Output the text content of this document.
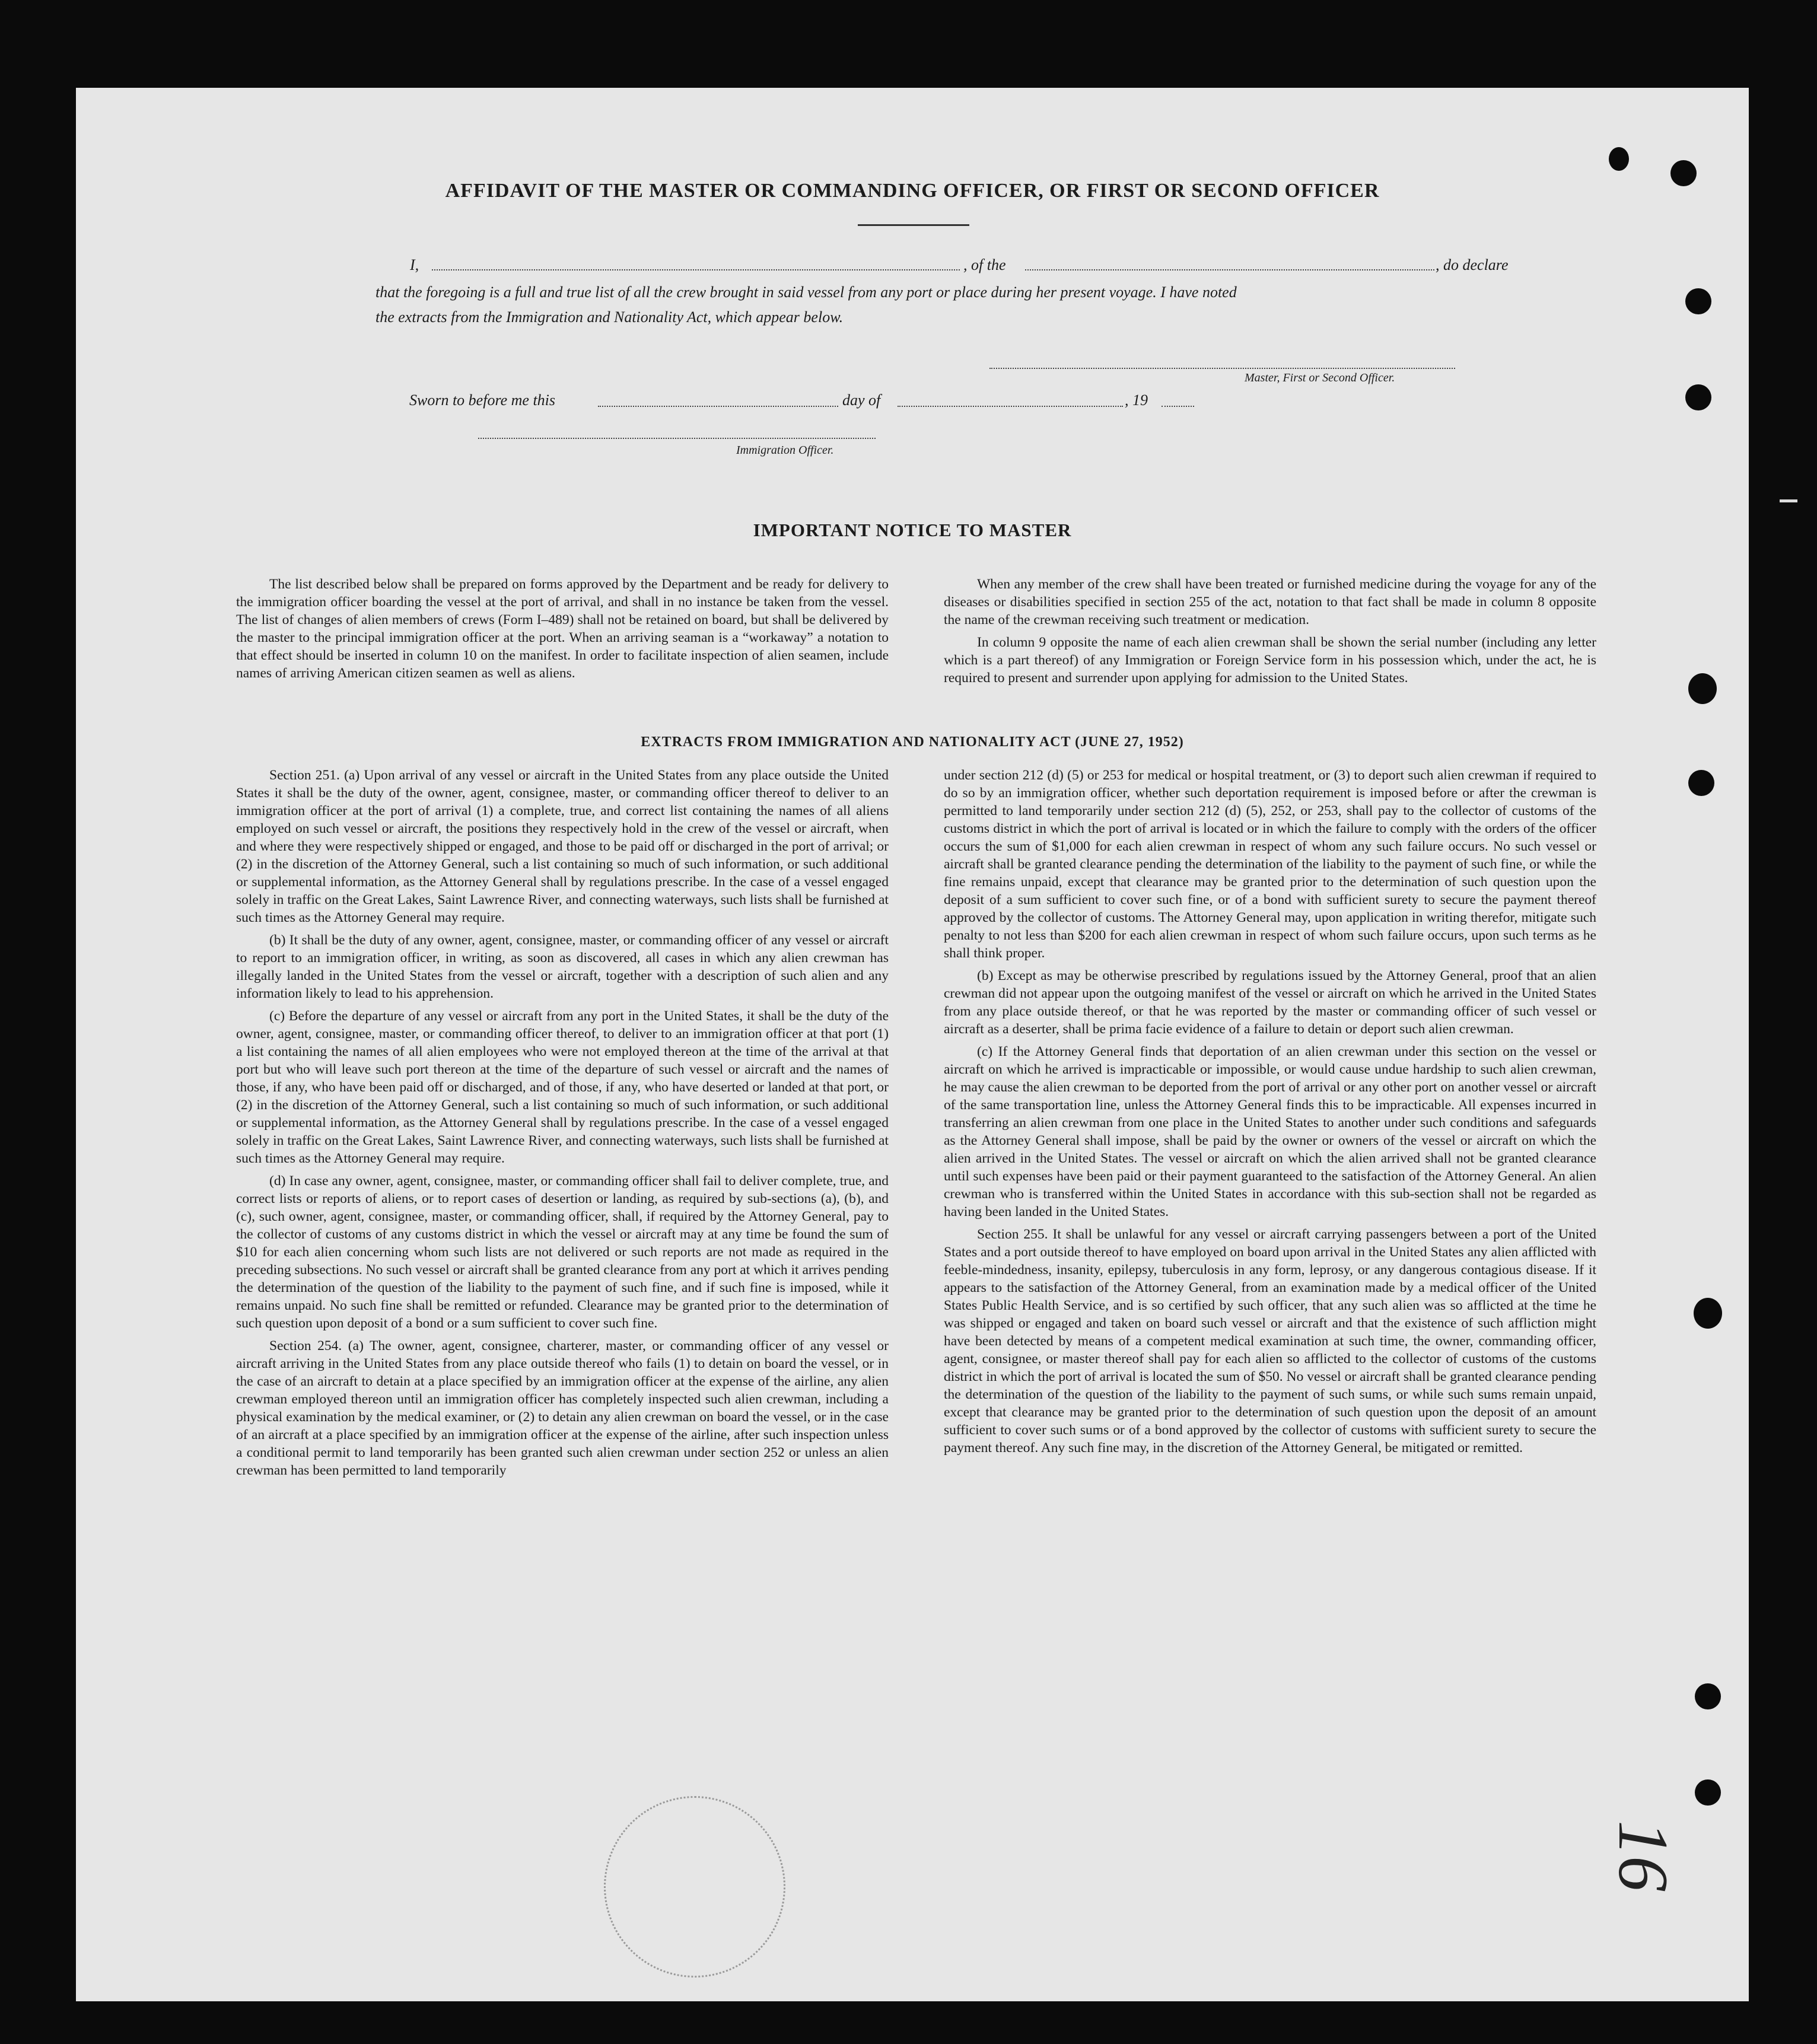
AFFIDAVIT OF THE MASTER OR COMMANDING OFFICER, OR FIRST OR SECOND OFFICER
I,	, of the	, do declare
that the foregoing is a full and true list of all the crew brought in said vessel from any port or place during her present voyage. I have noted
the extracts from the Immigration and Nationality Act, which appear below.
Master, First or Second Officer.
Sworn to before me this	day of	, 19
Immigration Officer.
IMPORTANT NOTICE TO MASTER

The list described below shall be prepared on forms approved by the Department and be ready for delivery to the immigration officer boarding the vessel at the port of arrival, and shall in no instance be taken from the vessel. The list of changes of alien members of crews (Form I–489) shall not be retained on board, but shall be delivered by the master to the principal immigration officer at the port. When an arriving seaman is a “workaway” a notation to that effect should be inserted in column 10 on the manifest. In order to facilitate inspection of alien seamen, include names of arriving American citizen seamen as well as aliens.

When any member of the crew shall have been treated or furnished medicine during the voyage for any of the diseases or disabilities specified in section 255 of the act, notation to that fact shall be made in column 8 opposite the name of the crewman receiving such treatment or medication.

In column 9 opposite the name of each alien crewman shall be shown the serial number (including any letter which is a part thereof) of any Immigration or Foreign Service form in his possession which, under the act, he is required to present and surrender upon applying for admission to the United States.

EXTRACTS FROM IMMIGRATION AND NATIONALITY ACT (JUNE 27, 1952)

Section 251. (a) Upon arrival of any vessel or aircraft in the United States from any place outside the United States it shall be the duty of the owner, agent, consignee, master, or commanding officer thereof to deliver to an immigration officer at the port of arrival (1) a complete, true, and correct list containing the names of all aliens employed on such vessel or aircraft, the positions they respectively hold in the crew of the vessel or aircraft, when and where they were respectively shipped or engaged, and those to be paid off or discharged in the port of arrival; or (2) in the discretion of the Attorney General, such a list containing so much of such information, or such additional or supplemental information, as the Attorney General shall by regulations prescribe. In the case of a vessel engaged solely in traffic on the Great Lakes, Saint Lawrence River, and connecting waterways, such lists shall be furnished at such times as the Attorney General may require.

(b) It shall be the duty of any owner, agent, consignee, master, or commanding officer of any vessel or aircraft to report to an immigration officer, in writing, as soon as discovered, all cases in which any alien crewman has illegally landed in the United States from the vessel or aircraft, together with a description of such alien and any information likely to lead to his apprehension.

(c) Before the departure of any vessel or aircraft from any port in the United States, it shall be the duty of the owner, agent, consignee, master, or commanding officer thereof, to deliver to an immigration officer at that port (1) a list containing the names of all alien employees who were not employed thereon at the time of the arrival at that port but who will leave such port thereon at the time of the departure of such vessel or aircraft and the names of those, if any, who have been paid off or discharged, and of those, if any, who have deserted or landed at that port, or (2) in the discretion of the Attorney General, such a list containing so much of such information, or such additional or supplemental information, as the Attorney General shall by regulations prescribe. In the case of a vessel engaged solely in traffic on the Great Lakes, Saint Lawrence River, and connecting waterways, such lists shall be furnished at such times as the Attorney General may require.

(d) In case any owner, agent, consignee, master, or commanding officer shall fail to deliver complete, true, and correct lists or reports of aliens, or to report cases of desertion or landing, as required by sub-sections (a), (b), and (c), such owner, agent, consignee, master, or commanding officer, shall, if required by the Attorney General, pay to the collector of customs of any customs district in which the vessel or aircraft may at any time be found the sum of $10 for each alien concerning whom such lists are not delivered or such reports are not made as required in the preceding subsections. No such vessel or aircraft shall be granted clearance from any port at which it arrives pending the determination of the question of the liability to the payment of such fine, and if such fine is imposed, while it remains unpaid. No such fine shall be remitted or refunded. Clearance may be granted prior to the determination of such question upon deposit of a bond or a sum sufficient to cover such fine.

Section 254. (a) The owner, agent, consignee, charterer, master, or commanding officer of any vessel or aircraft arriving in the United States from any place outside thereof who fails (1) to detain on board the vessel, or in the case of an aircraft to detain at a place specified by an immigration officer at the expense of the airline, any alien crewman employed thereon until an immigration officer has completely inspected such alien crewman, including a physical examination by the medical examiner, or (2) to detain any alien crewman on board the vessel, or in the case of an aircraft at a place specified by an immigration officer at the expense of the airline, after such inspection unless a conditional permit to land temporarily has been granted such alien crewman under section 252 or unless an alien crewman has been permitted to land temporarily

under section 212 (d) (5) or 253 for medical or hospital treatment, or (3) to deport such alien crewman if required to do so by an immigration officer, whether such deportation requirement is imposed before or after the crewman is permitted to land temporarily under section 212 (d) (5), 252, or 253, shall pay to the collector of customs of the customs district in which the port of arrival is located or in which the failure to comply with the orders of the officer occurs the sum of $1,000 for each alien crewman in respect of whom any such failure occurs. No such vessel or aircraft shall be granted clearance pending the determination of the liability to the payment of such fine, or while the fine remains unpaid, except that clearance may be granted prior to the determination of such question upon the deposit of a sum sufficient to cover such fine, or of a bond with sufficient surety to secure the payment thereof approved by the collector of customs. The Attorney General may, upon application in writing therefor, mitigate such penalty to not less than $200 for each alien crewman in respect of whom such failure occurs, upon such terms as he shall think proper.

(b) Except as may be otherwise prescribed by regulations issued by the Attorney General, proof that an alien crewman did not appear upon the outgoing manifest of the vessel or aircraft on which he arrived in the United States from any place outside thereof, or that he was reported by the master or commanding officer of such vessel or aircraft as a deserter, shall be prima facie evidence of a failure to detain or deport such alien crewman.

(c) If the Attorney General finds that deportation of an alien crewman under this section on the vessel or aircraft on which he arrived is impracticable or impossible, or would cause undue hardship to such alien crewman, he may cause the alien crewman to be deported from the port of arrival or any other port on another vessel or aircraft of the same transportation line, unless the Attorney General finds this to be impracticable. All expenses incurred in transferring an alien crewman from one place in the United States to another under such conditions and safeguards as the Attorney General shall impose, shall be paid by the owner or owners of the vessel or aircraft on which the alien arrived in the United States. The vessel or aircraft on which the alien arrived shall not be granted clearance until such expenses have been paid or their payment guaranteed to the satisfaction of the Attorney General. An alien crewman who is transferred within the United States in accordance with this sub-section shall not be regarded as having been landed in the United States.

Section 255. It shall be unlawful for any vessel or aircraft carrying passengers between a port of the United States and a port outside thereof to have employed on board upon arrival in the United States any alien afflicted with feeble-mindedness, insanity, epilepsy, tuberculosis in any form, leprosy, or any dangerous contagious disease. If it appears to the satisfaction of the Attorney General, from an examination made by a medical officer of the United States Public Health Service, and is so certified by such officer, that any such alien was so afflicted at the time he was shipped or engaged and taken on board such vessel or aircraft and that the existence of such affliction might have been detected by means of a competent medical examination at such time, the owner, commanding officer, agent, consignee, or master thereof shall pay for each alien so afflicted to the collector of customs of the customs district in which the port of arrival is located the sum of $50. No vessel or aircraft shall be granted clearance pending the determination of the question of the liability to the payment of such sums, or while such sums remain unpaid, except that clearance may be granted prior to the determination of such question upon the deposit of an amount sufficient to cover such sums or of a bond approved by the collector of customs with sufficient surety to secure the payment thereof. Any such fine may, in the discretion of the Attorney General, be mitigated or remitted.

16
